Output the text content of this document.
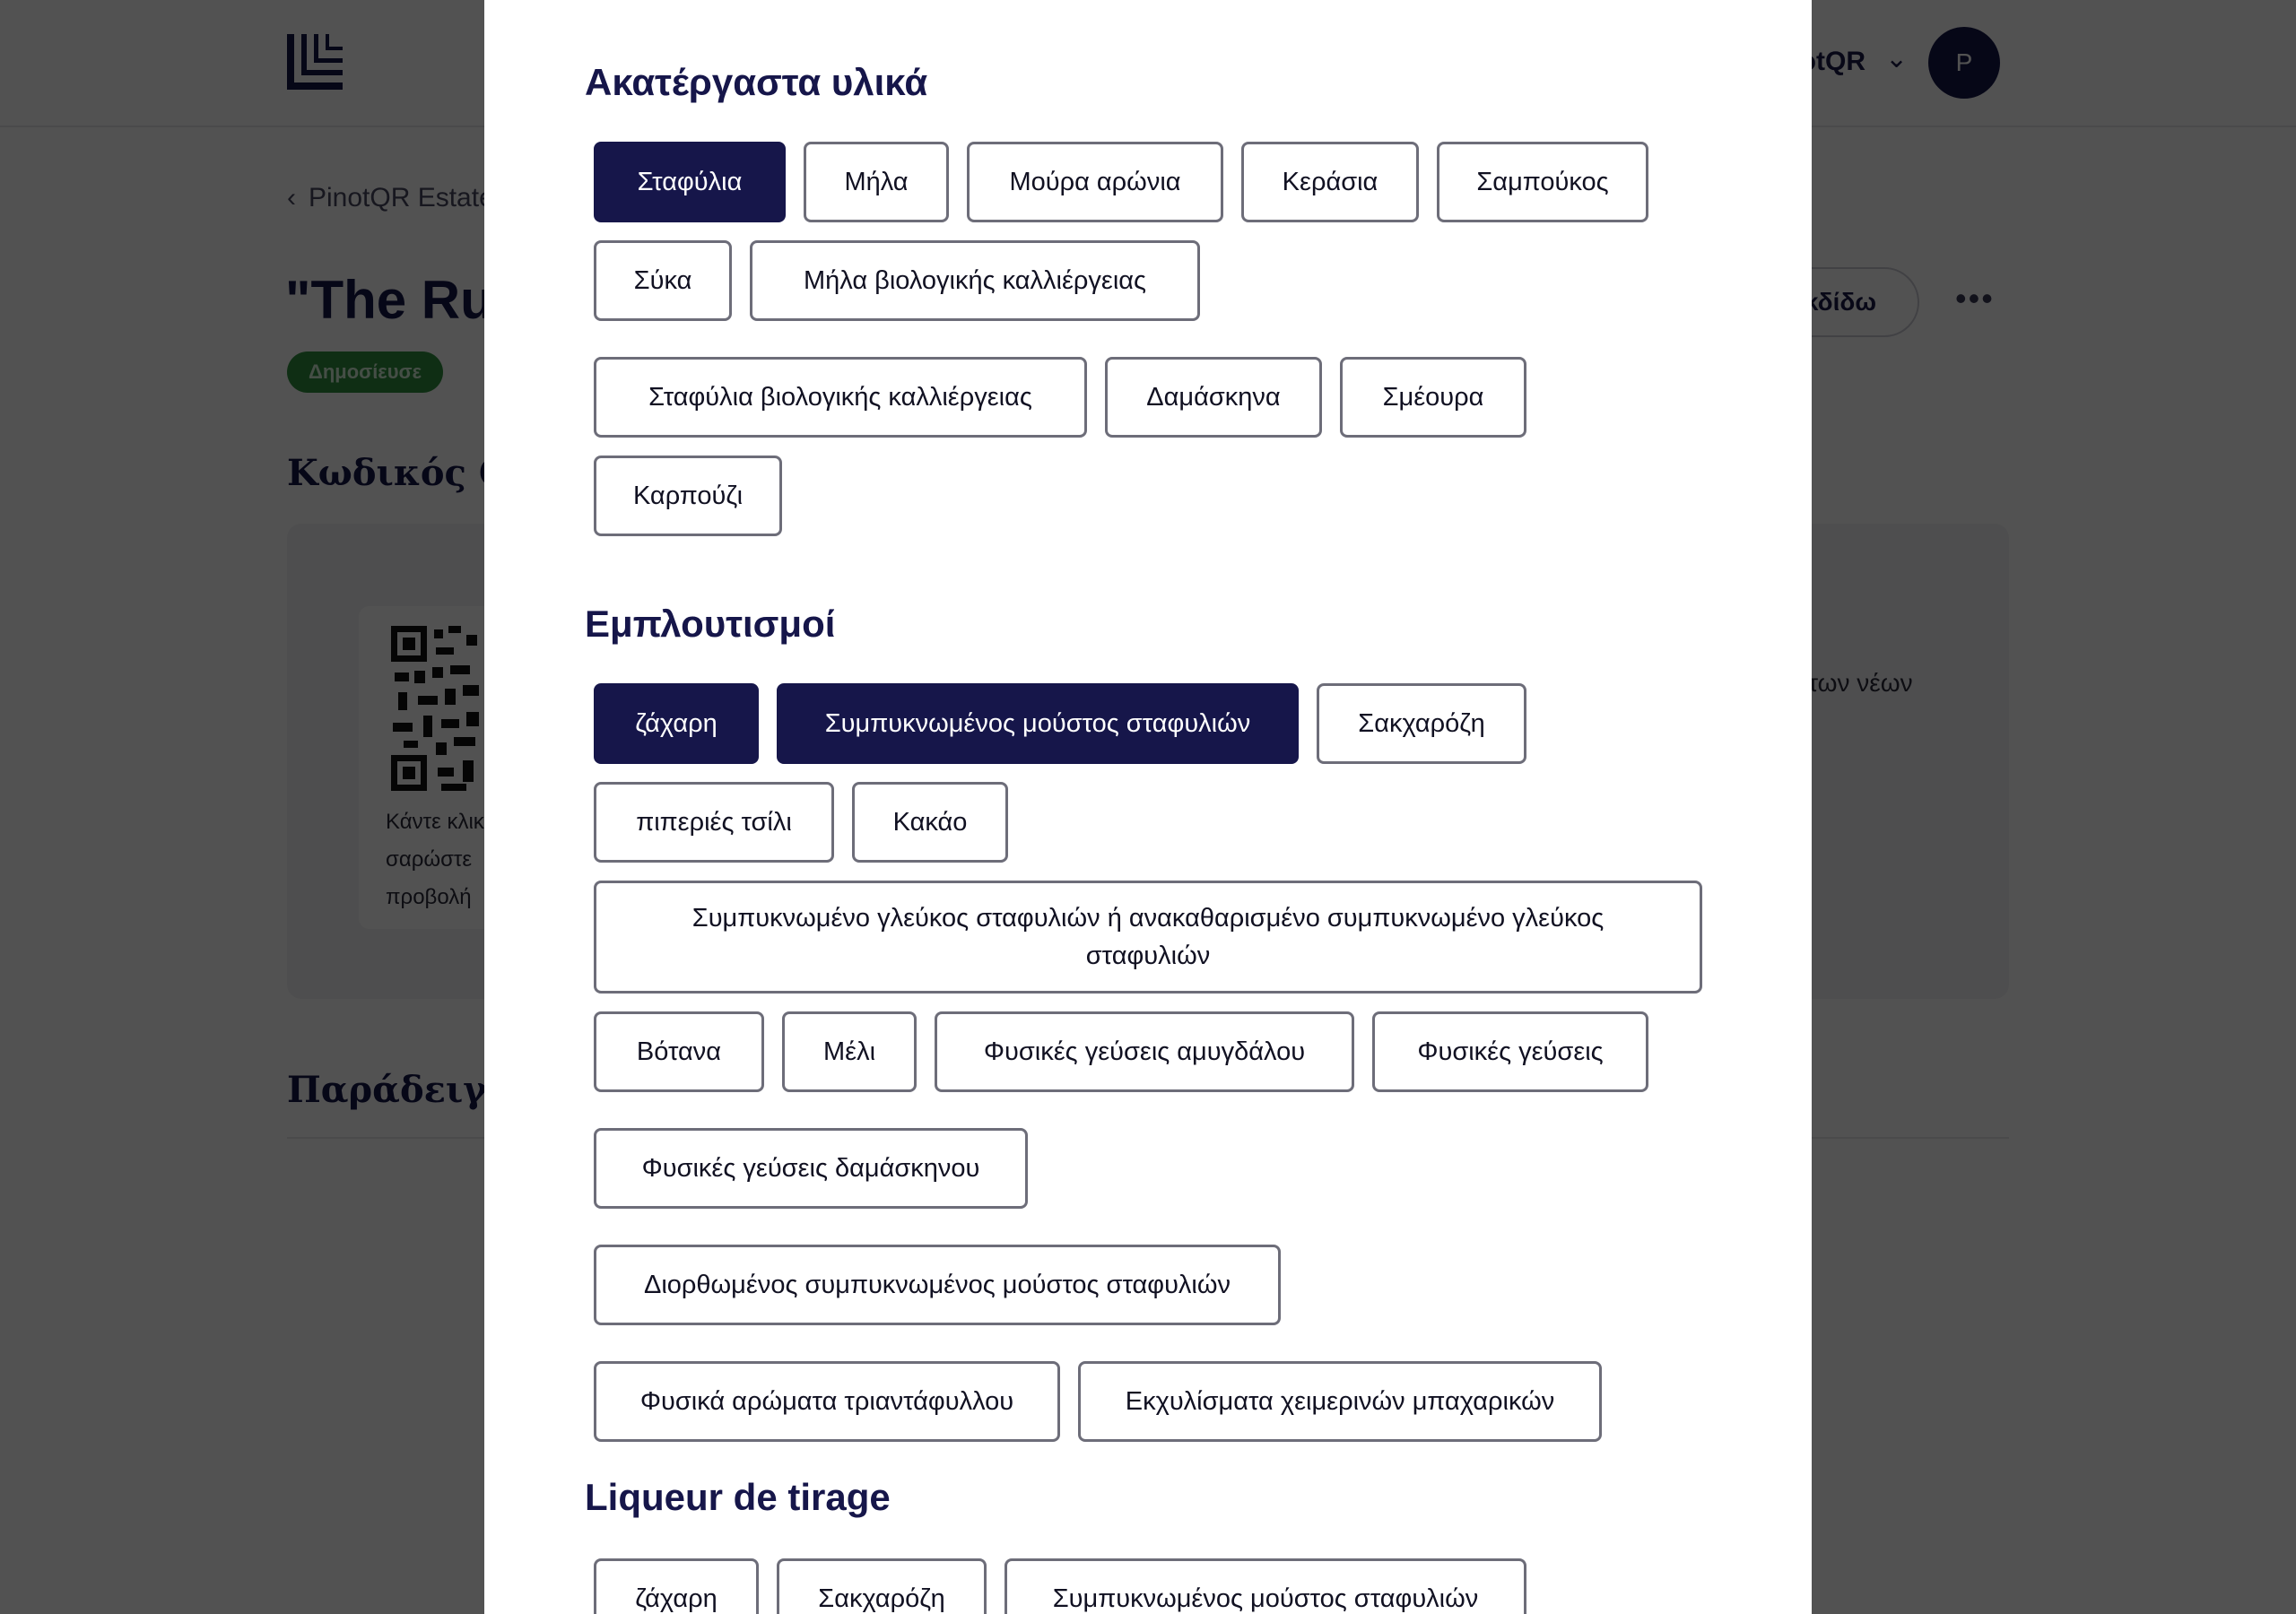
Ακατέργαστα υλικά
Σταφύλια	Μήλα	Μούρα αρώνια	Κεράσια	Σαμπούκος
Σύκα	Μήλα βιολογικής καλλιέργειας
Σταφύλια βιολογικής καλλιέργειας	Δαμάσκηνα	Σμέουρα
Καρπούζι
Εμπλουτισμοί
ζάχαρη	Συμπυκνωμένος μούστος σταφυλιών	Σακχαρόζη
πιπεριές τσίλι	Κακάο
Συμπυκνωμένο γλεύκος σταφυλιών ή ανακαθαρισμένο συμπυκνωμένο γλεύκος σταφυλιών
Βότανα	Μέλι	Φυσικές γεύσεις αμυγδάλου	Φυσικές γεύσεις
Φυσικές γεύσεις δαμάσκηνου
Διορθωμένος συμπυκνωμένος μούστος σταφυλιών
Φυσικά αρώματα τριαντάφυλλου	Εκχυλίσματα χειμερινών μπαχαρικών
Liqueur de tirage
ζάχαρη	Σακχαρόζη	Συμπυκνωμένος μούστος σταφυλιών
